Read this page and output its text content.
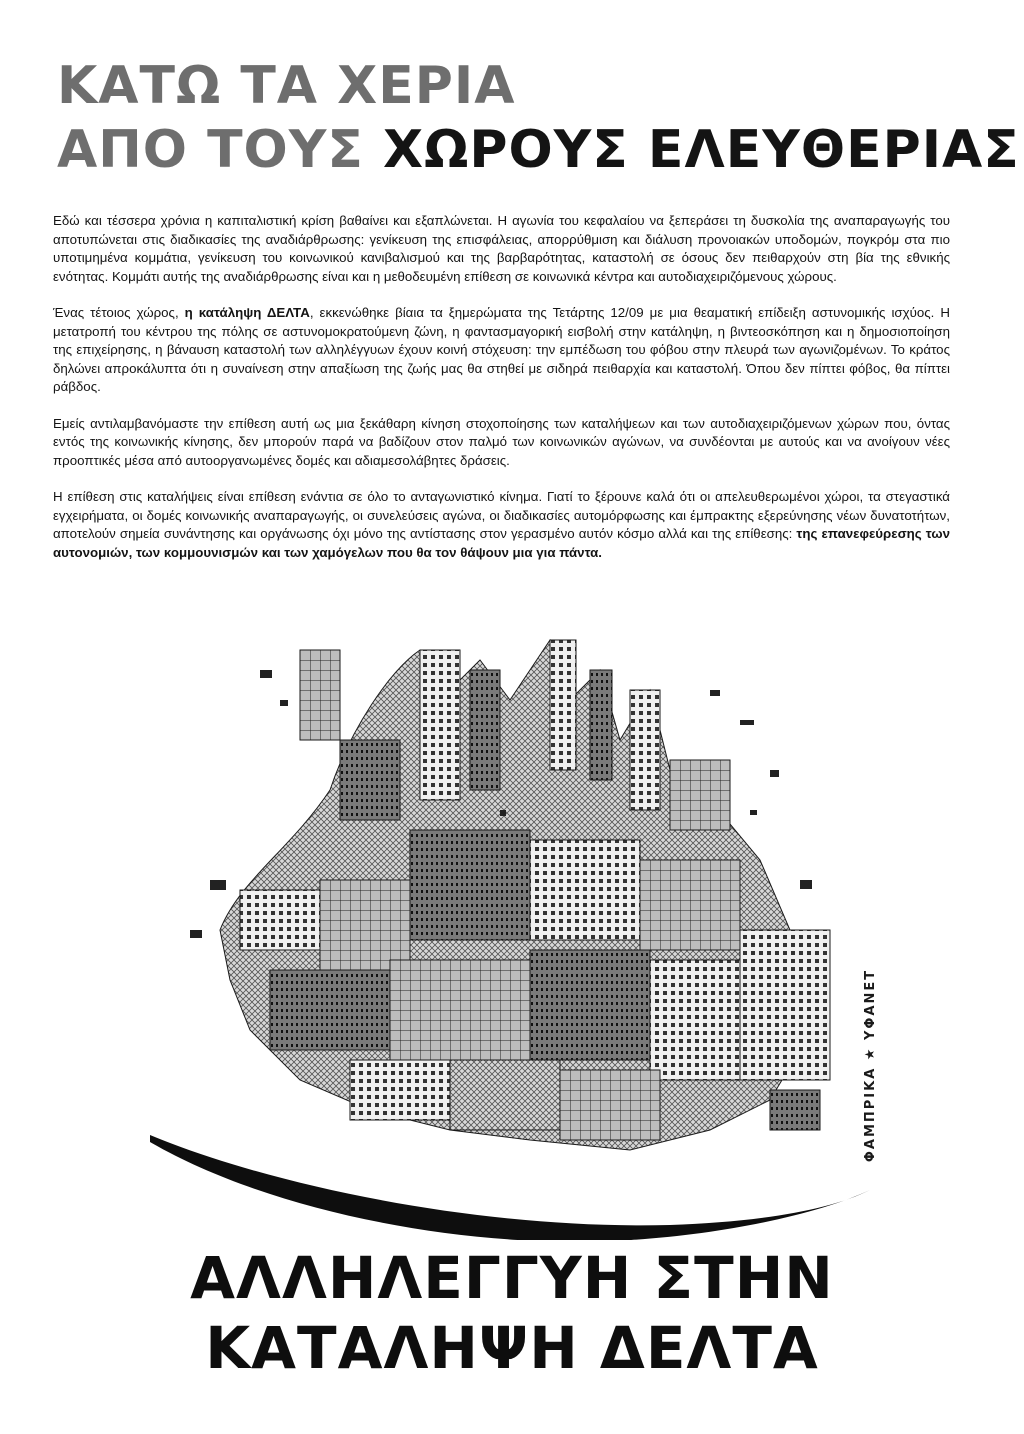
ΚΑΤΩ ΤΑ ΧΕΡΙΑ
ΑΠΟ ΤΟΥΣ ΧΩΡΟΥΣ ΕΛΕΥΘΕΡΙΑΣ

Εδώ και τέσσερα χρόνια η καπιταλιστική κρίση βαθαίνει και εξαπλώνεται. Η αγωνία του κεφαλαίου να ξεπεράσει τη δυσκολία της αναπαραγωγής του αποτυπώνεται στις διαδικασίες της αναδιάρθρωσης: γενίκευση της επισφάλειας, απορρύθμιση και διάλυση προνοιακών υποδομών, πογκρόμ στα πιο υποτιμημένα κομμάτια, γενίκευση του κοινωνικού κανιβαλισμού και της βαρβαρότητας, καταστολή σε όσους δεν πειθαρχούν στη βία της εθνικής ενότητας. Κομμάτι αυτής της αναδιάρθρωσης είναι και η μεθοδευμένη επίθεση σε κοινωνικά κέντρα και αυτοδιαχειριζόμενους χώρους.

Ένας τέτοιος χώρος, η κατάληψη ΔΕΛΤΑ, εκκενώθηκε βίαια τα ξημερώματα της Τετάρτης 12/09 με μια θεαματική επίδειξη αστυνομικής ισχύος. Η μετατροπή του κέντρου της πόλης σε αστυνομοκρατούμενη ζώνη, η φαντασμαγορική εισβολή στην κατάληψη, η βιντεοσκόπηση και η δημοσιοποίηση της επιχείρησης, η βάναυση καταστολή των αλληλέγγυων έχουν κοινή στόχευση: την εμπέδωση του φόβου στην πλευρά των αγωνιζομένων. Το κράτος δηλώνει απροκάλυπτα ότι η συναίνεση στην απαξίωση της ζωής μας θα στηθεί με σιδηρά πειθαρχία και καταστολή. Όπου δεν πίπτει φόβος, θα πίπτει ράβδος.

Εμείς αντιλαμβανόμαστε την επίθεση αυτή ως μια ξεκάθαρη κίνηση στοχοποίησης των καταλήψεων και των αυτοδιαχειριζόμενων χώρων που, όντας εντός της κοινωνικής κίνησης, δεν μπορούν παρά να βαδίζουν στον παλμό των κοινωνικών αγώνων, να συνδέονται με αυτούς και να ανοίγουν νέες προοπτικές μέσα από αυτοοργανωμένες δομές και αδιαμεσολάβητες δράσεις.

Η επίθεση στις καταλήψεις είναι επίθεση ενάντια σε όλο το ανταγωνιστικό κίνημα. Γιατί το ξέρουνε καλά ότι οι απελευθερωμένοι χώροι, τα στεγαστικά εγχειρήματα, οι δομές κοινωνικής αναπαραγωγής, οι συνελεύσεις αγώνα, οι διαδικασίες αυτομόρφωσης και έμπρακτης εξερεύνησης νέων δυνατοτήτων, αποτελούν σημεία συνάντησης και οργάνωσης όχι μόνο της αντίστασης στον γερασμένο αυτόν κόσμο αλλά και της επίθεσης: της επανεφεύρεσης των αυτονομιών, των κομμουνισμών και των χαμόγελων που θα τον θάψουν μια για πάντα.

ΦΑΜΠΡΙΚΑ ★ ΥΦΑΝΕΤ
ΑΛΛΗΛΕΓΓΥΗ ΣΤΗΝ
ΚΑΤΑΛΗΨΗ ΔΕΛΤΑ
